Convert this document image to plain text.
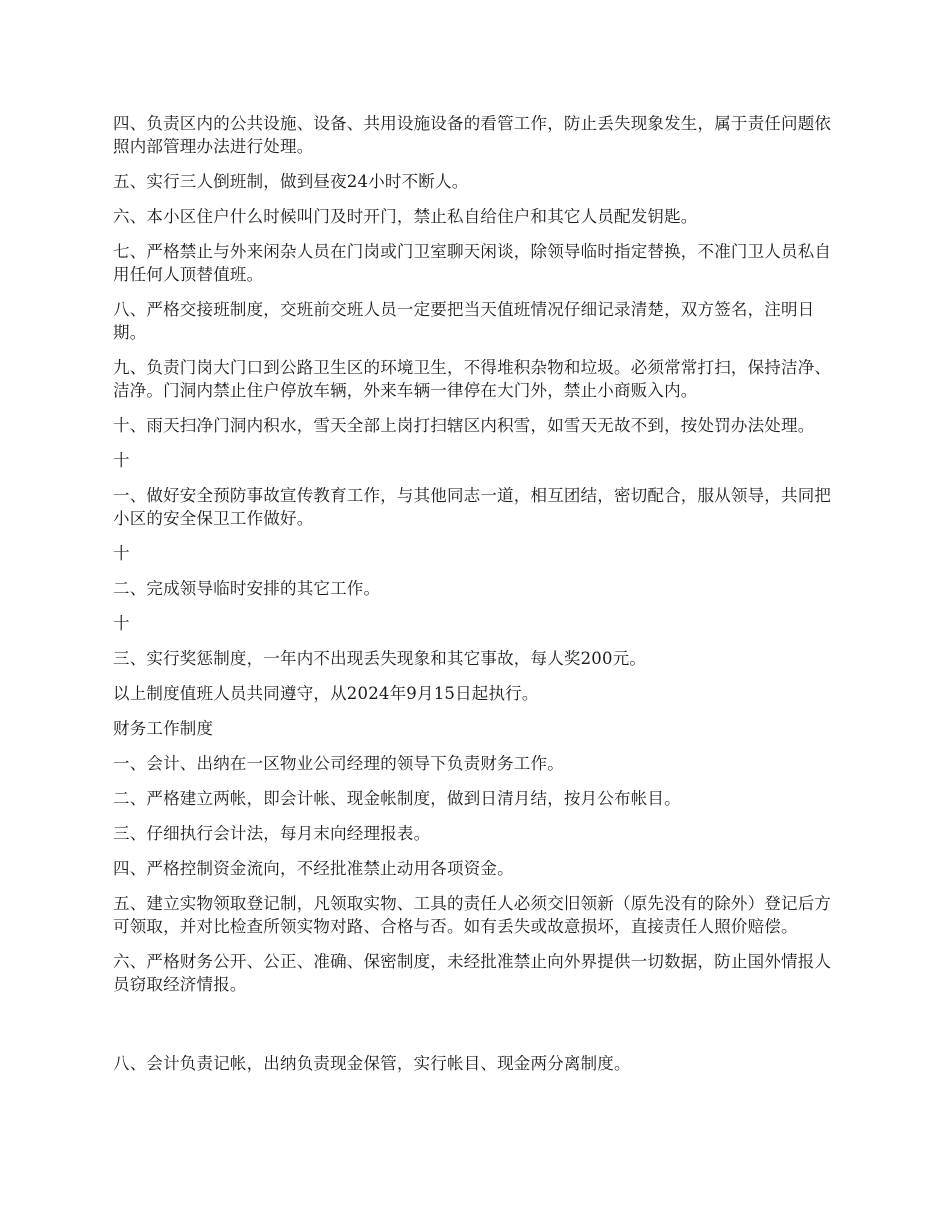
四、负责区内的公共设施、设备、共用设施设备的看管工作，防止丢失现象发生，属于责任问题依照内部管理办法进行处理。

五、实行三人倒班制，做到昼夜24小时不断人。

六、本小区住户什么时候叫门及时开门，禁止私自给住户和其它人员配发钥匙。

七、严格禁止与外来闲杂人员在门岗或门卫室聊天闲谈，除领导临时指定替换，不准门卫人员私自用任何人顶替值班。

八、严格交接班制度，交班前交班人员一定要把当天值班情况仔细记录清楚，双方签名，注明日期。

九、负责门岗大门口到公路卫生区的环境卫生，不得堆积杂物和垃圾。必须常常打扫，保持洁净、洁净。门洞内禁止住户停放车辆，外来车辆一律停在大门外，禁止小商贩入内。

十、雨天扫净门洞内积水，雪天全部上岗打扫辖区内积雪，如雪天无故不到，按处罚办法处理。

十

一、做好安全预防事故宣传教育工作，与其他同志一道，相互团结，密切配合，服从领导，共同把小区的安全保卫工作做好。

十

二、完成领导临时安排的其它工作。

十

三、实行奖惩制度，一年内不出现丢失现象和其它事故，每人奖200元。

以上制度值班人员共同遵守，从2024年9月15日起执行。

财务工作制度

一、会计、出纳在一区物业公司经理的领导下负责财务工作。

二、严格建立两帐，即会计帐、现金帐制度，做到日清月结，按月公布帐目。

三、仔细执行会计法，每月末向经理报表。

四、严格控制资金流向，不经批准禁止动用各项资金。

五、建立实物领取登记制，凡领取实物、工具的责任人必须交旧领新（原先没有的除外）登记后方可领取，并对比检查所领实物对路、合格与否。如有丢失或故意损坏，直接责任人照价赔偿。

六、严格财务公开、公正、准确、保密制度，未经批准禁止向外界提供一切数据，防止国外情报人员窃取经济情报。

八、会计负责记帐，出纳负责现金保管，实行帐目、现金两分离制度。
